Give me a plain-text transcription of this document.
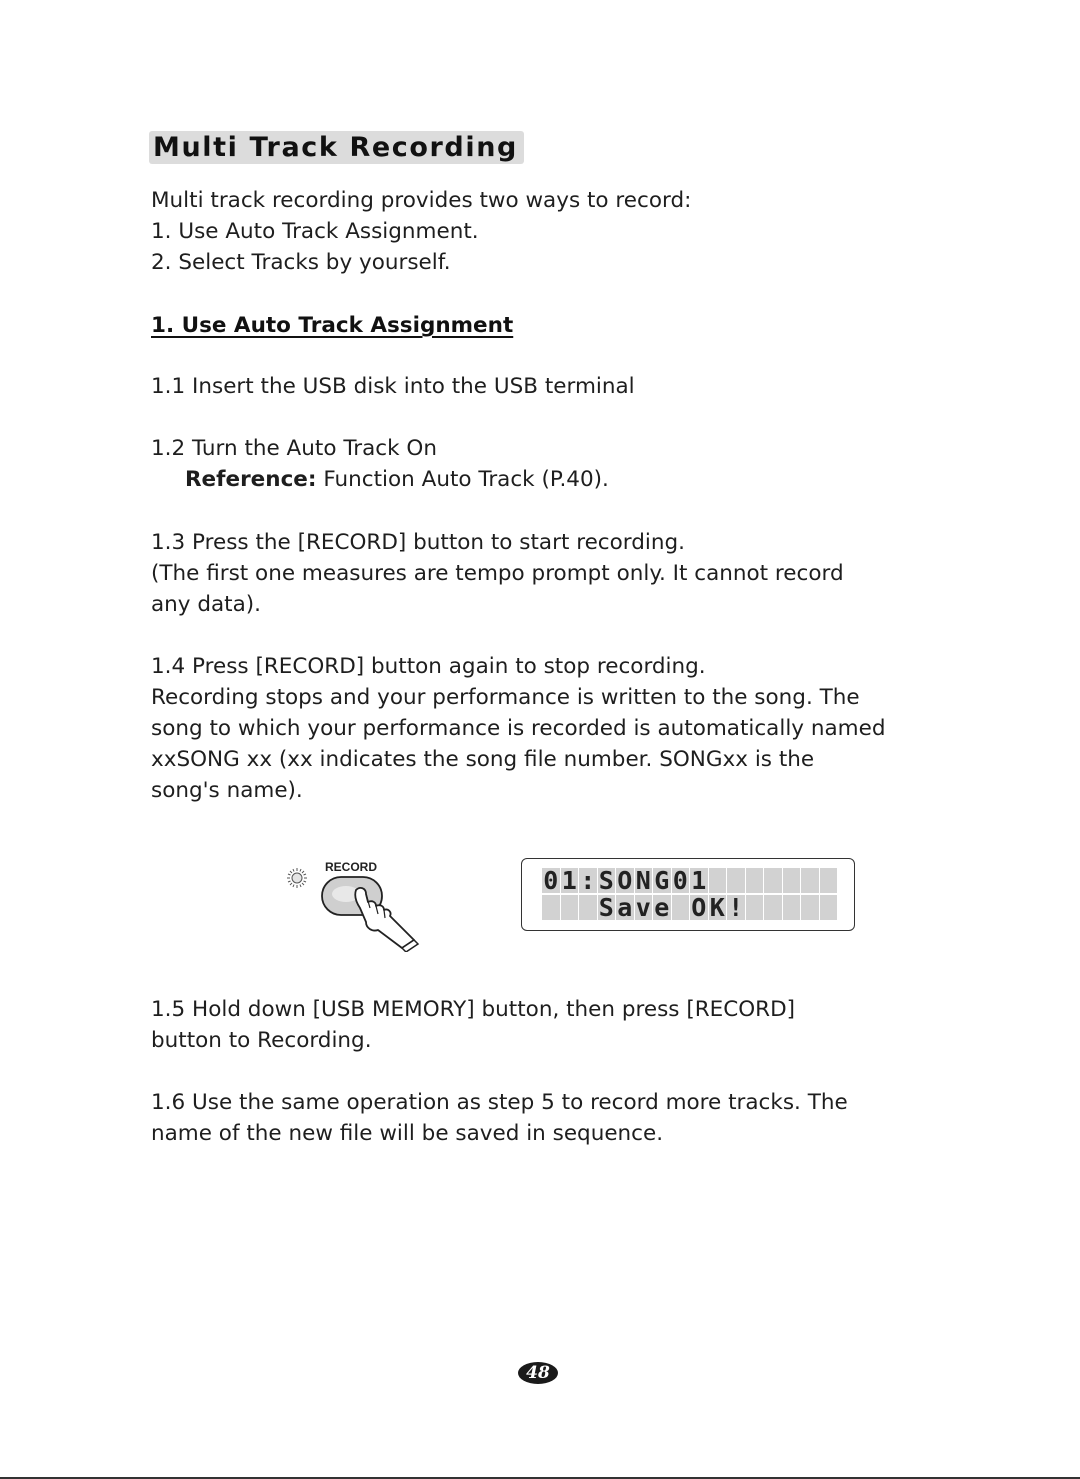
Multi Track Recording
Multi track recording provides two ways to record:
1. Use Auto Track Assignment.
2. Select Tracks by yourself.
1. Use Auto Track Assignment
1.1 Insert the USB disk into the USB terminal
1.2 Turn the Auto Track On
Reference: Function Auto Track (P.40).
1.3 Press the [RECORD] button to start recording.
(The first one measures are tempo prompt only. It cannot record
any data).
1.4 Press [RECORD] button again to stop recording.
Recording stops and your performance is written to the song. The
song to which your performance is recorded is automatically named
xxSONG xx (xx indicates the song file number. SONGxx is the
song's name).
RECORD	0 1 : S O N G 0 1
S a v e O K !
1.5 Hold down [USB MEMORY] button, then press [RECORD]
button to Recording.
1.6 Use the same operation as step 5 to record more tracks. The
name of the new file will be saved in sequence.
48
